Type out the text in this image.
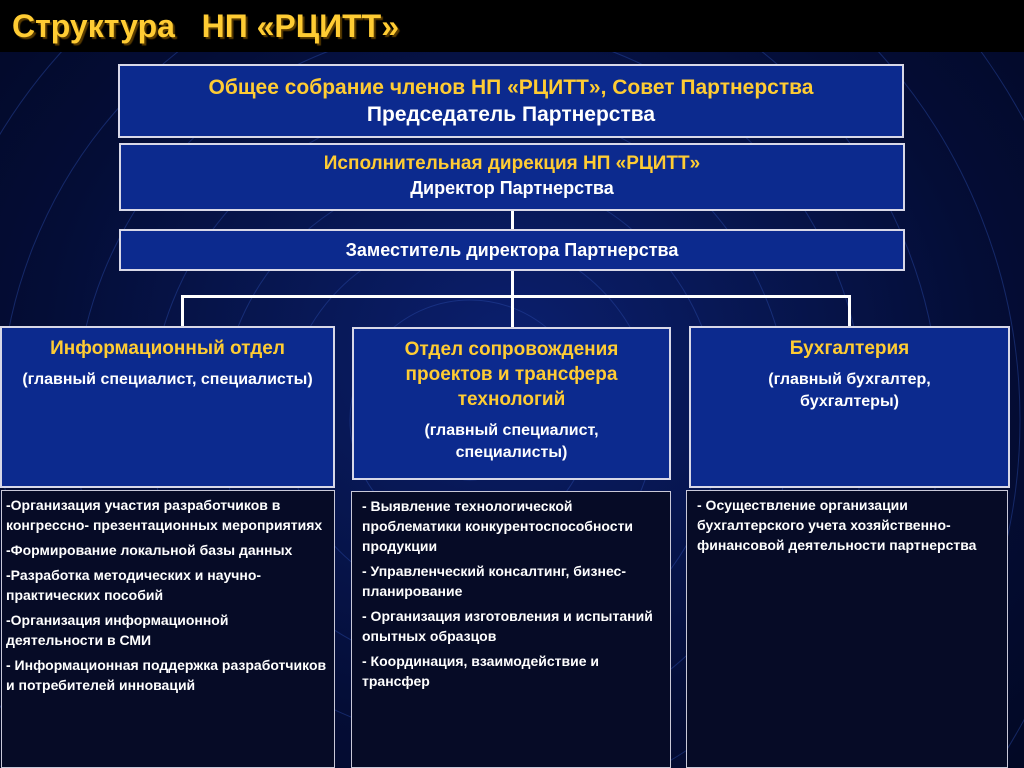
Структура   НП «РЦИТТ»
Общее собрание членов НП «РЦИТТ», Совет Партнерства
Председатель Партнерства
Исполнительная дирекция НП «РЦИТТ»
Директор Партнерства
Заместитель директора Партнерства
Информационный отдел
(главный специалист, специалисты)
Отдел сопровождения проектов и трансфера технологий
(главный специалист, специалисты)
Бухгалтерия
(главный бухгалтер, бухгалтеры)
-Организация участия разработчиков в конгрессно- презентационных мероприятиях
-Формирование локальной базы данных
-Разработка методических и научно-практических пособий
-Организация информационной деятельности в СМИ
- Информационная поддержка разработчиков и потребителей инноваций
- Выявление технологической проблематики конкурентоспособности продукции
- Управленческий консалтинг, бизнес-планирование
- Организация изготовления и испытаний опытных образцов
- Координация, взаимодействие и трансфер
- Осуществление организации бухгалтерского учета хозяйственно-финансовой деятельности партнерства
